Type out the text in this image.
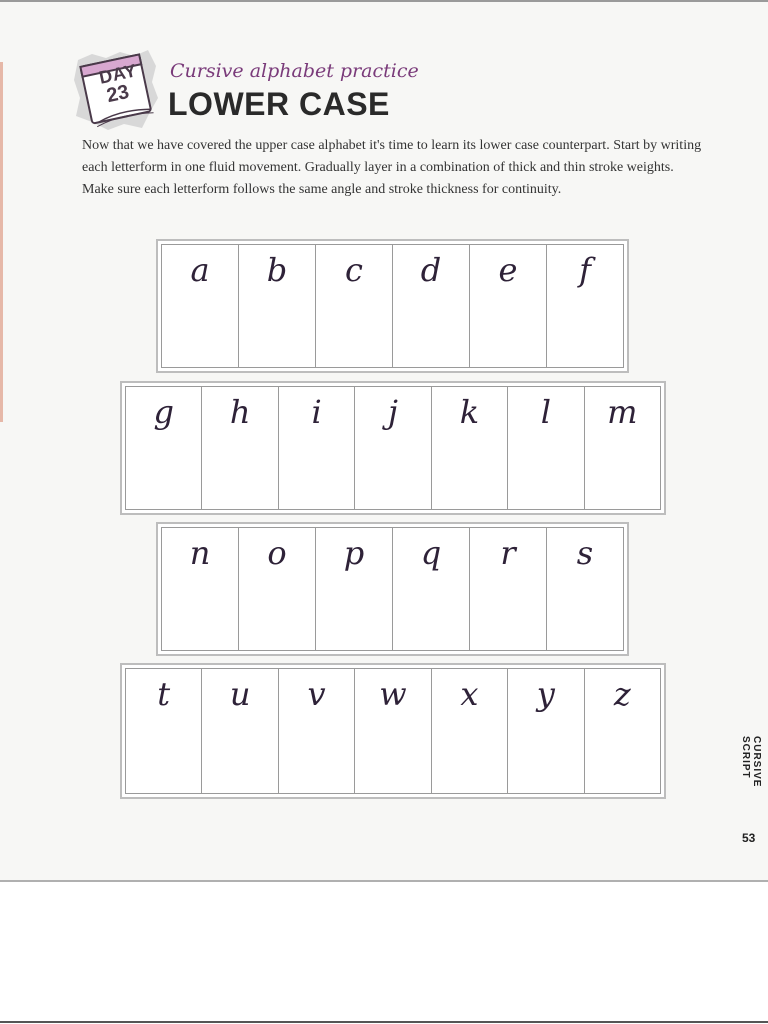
DAY
23
Cursive alphabet practice
LOWER CASE
Now that we have covered the upper case alphabet it's time to learn its lower case counterpart. Start by writing each letterform in one fluid movement. Gradually layer in a combination of thick and thin stroke weights. Make sure each letterform follows the same angle and stroke thickness for continuity.
a	b	c	d	e	f
g	h	i	j	k	l	m
n	o	p	q	r	s
t	u	v	w	x	y	z
CURSIVE SCRIPT
53
